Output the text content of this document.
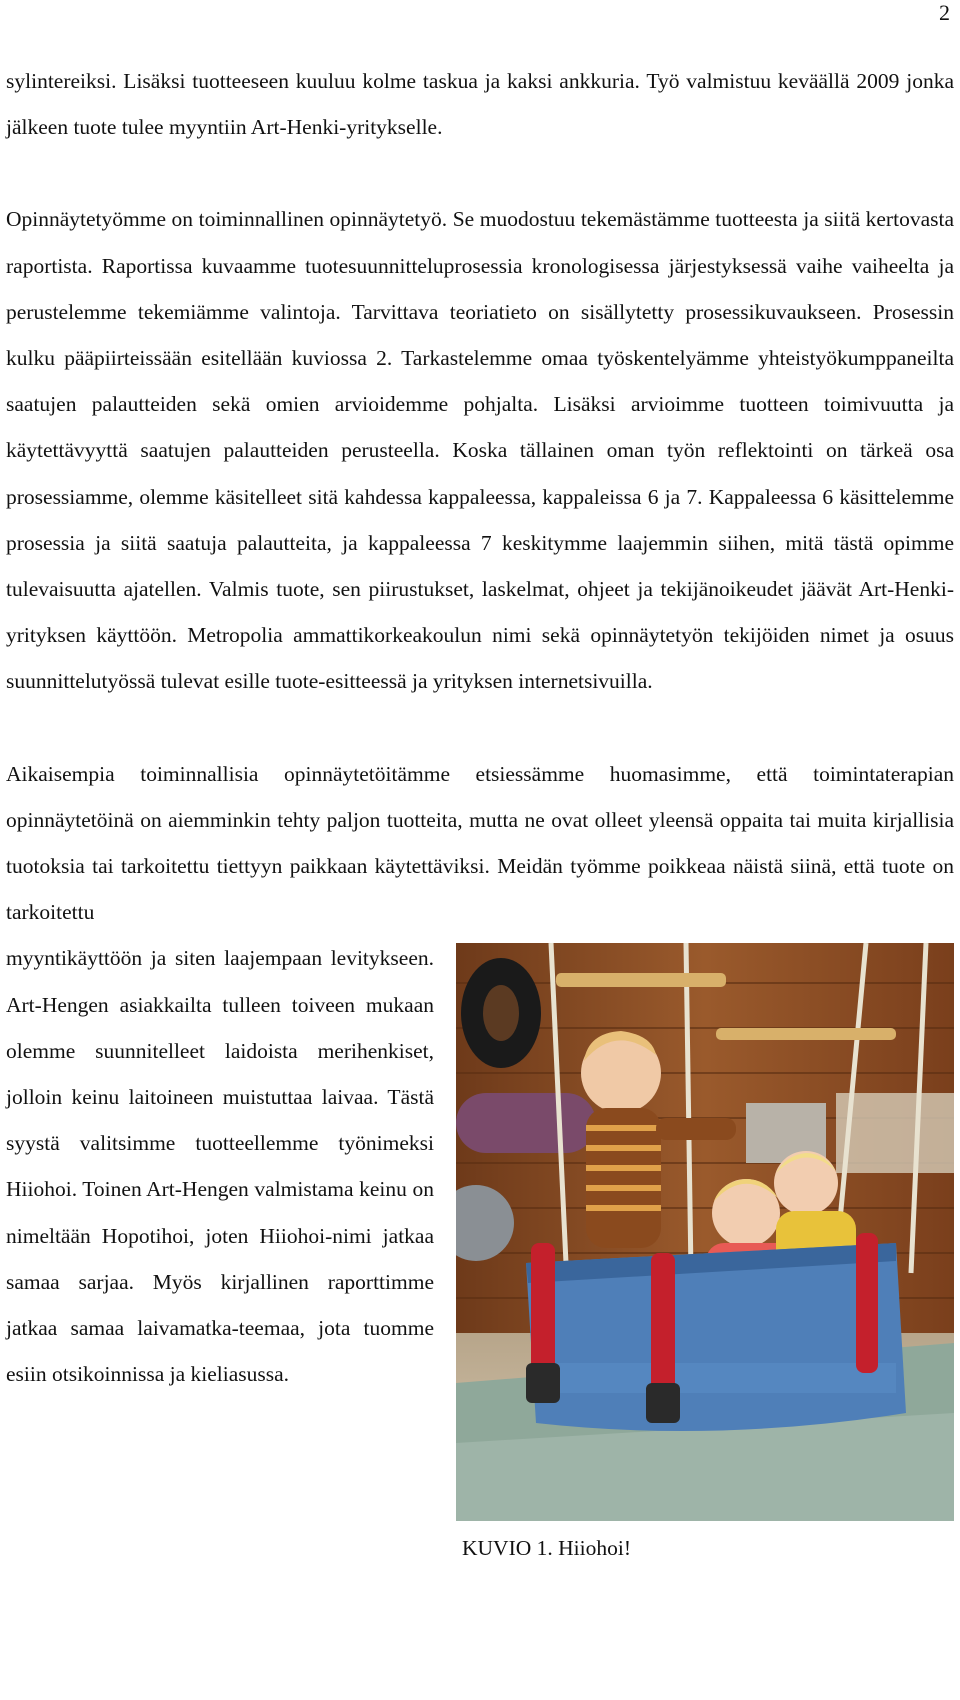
2

sylintereiksi. Lisäksi tuotteeseen kuuluu kolme taskua ja kaksi ankkuria. Työ valmistuu keväällä 2009 jonka jälkeen tuote tulee myyntiin Art-Henki-yritykselle.

Opinnäytetyömme on toiminnallinen opinnäytetyö. Se muodostuu tekemästämme tuotteesta ja siitä kertovasta raportista. Raportissa kuvaamme tuotesuunnitteluprosessia kronologisessa järjestyksessä vaihe vaiheelta ja perustelemme tekemiämme valintoja. Tarvittava teoriatieto on sisällytetty prosessikuvaukseen. Prosessin kulku pääpiirteissään esitellään kuviossa 2. Tarkastelemme omaa työskentelyämme yhteistyökumppaneilta saatujen palautteiden sekä omien arvioidemme pohjalta. Lisäksi arvioimme tuotteen toimivuutta ja käytettävyyttä saatujen palautteiden perusteella. Koska tällainen oman työn reflektointi on tärkeä osa prosessiamme, olemme käsitelleet sitä kahdessa kappaleessa, kappaleissa 6 ja 7. Kappaleessa 6 käsittelemme prosessia ja siitä saatuja palautteita, ja kappaleessa 7 keskitymme laajemmin siihen, mitä tästä opimme tulevaisuutta ajatellen. Valmis tuote, sen piirustukset, laskelmat, ohjeet ja tekijänoikeudet jäävät Art-Henki-yrityksen käyttöön. Metropolia ammattikorkeakoulun nimi sekä opinnäytetyön tekijöiden nimet ja osuus suunnittelutyössä tulevat esille tuote-esitteessä ja yrityksen internetsivuilla.

Aikaisempia toiminnallisia opinnäytetöitämme etsiessämme huomasimme, että toimintaterapian opinnäytetöinä on aiemminkin tehty paljon tuotteita, mutta ne ovat olleet yleensä oppaita tai muita kirjallisia tuotoksia tai tarkoitettu tiettyyn paikkaan käytettäviksi. Meidän työmme poikkeaa näistä siinä, että tuote on tarkoitettu

KUVIO 1. Hiiohoi!

myyntikäyttöön ja siten laajempaan levitykseen. Art-Hengen asiakkailta tulleen toiveen mukaan olemme suunnitelleet laidoista merihenkiset, jolloin keinu laitoineen muistuttaa laivaa. Tästä syystä valitsimme tuotteellemme työnimeksi Hiiohoi. Toinen Art-Hengen valmistama keinu on nimeltään Hopotihoi, joten Hiiohoi-nimi jatkaa samaa sarjaa. Myös kirjallinen raporttimme jatkaa samaa laivamatka-teemaa, jota tuomme esiin otsikoinnissa ja kieliasussa.
